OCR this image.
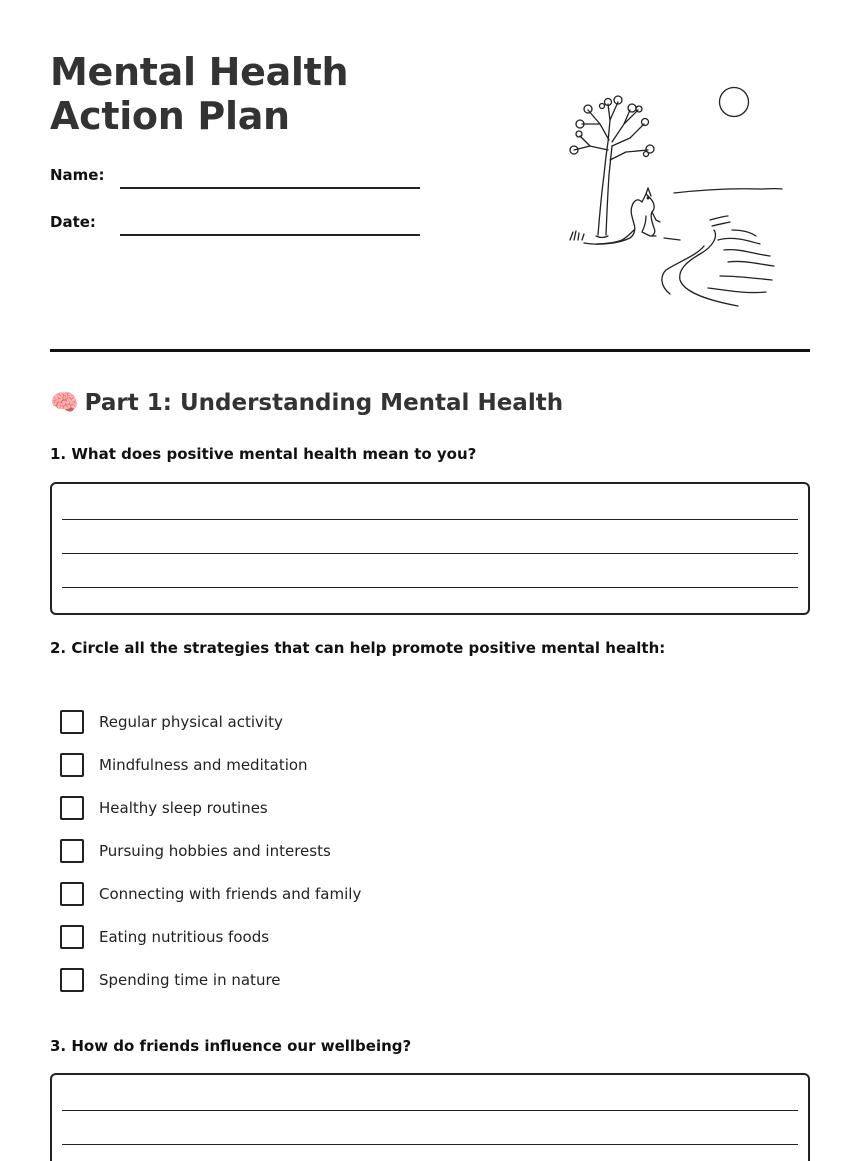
Mental Health Action Plan
Name:
Date:
🧠 Part 1: Understanding Mental Health

1. What does positive mental health mean to you?

2. Circle all the strategies that can help promote positive mental health:

Regular physical activity
Mindfulness and meditation
Healthy sleep routines
Pursuing hobbies and interests
Connecting with friends and family
Eating nutritious foods
Spending time in nature

3. How do friends influence our wellbeing?
